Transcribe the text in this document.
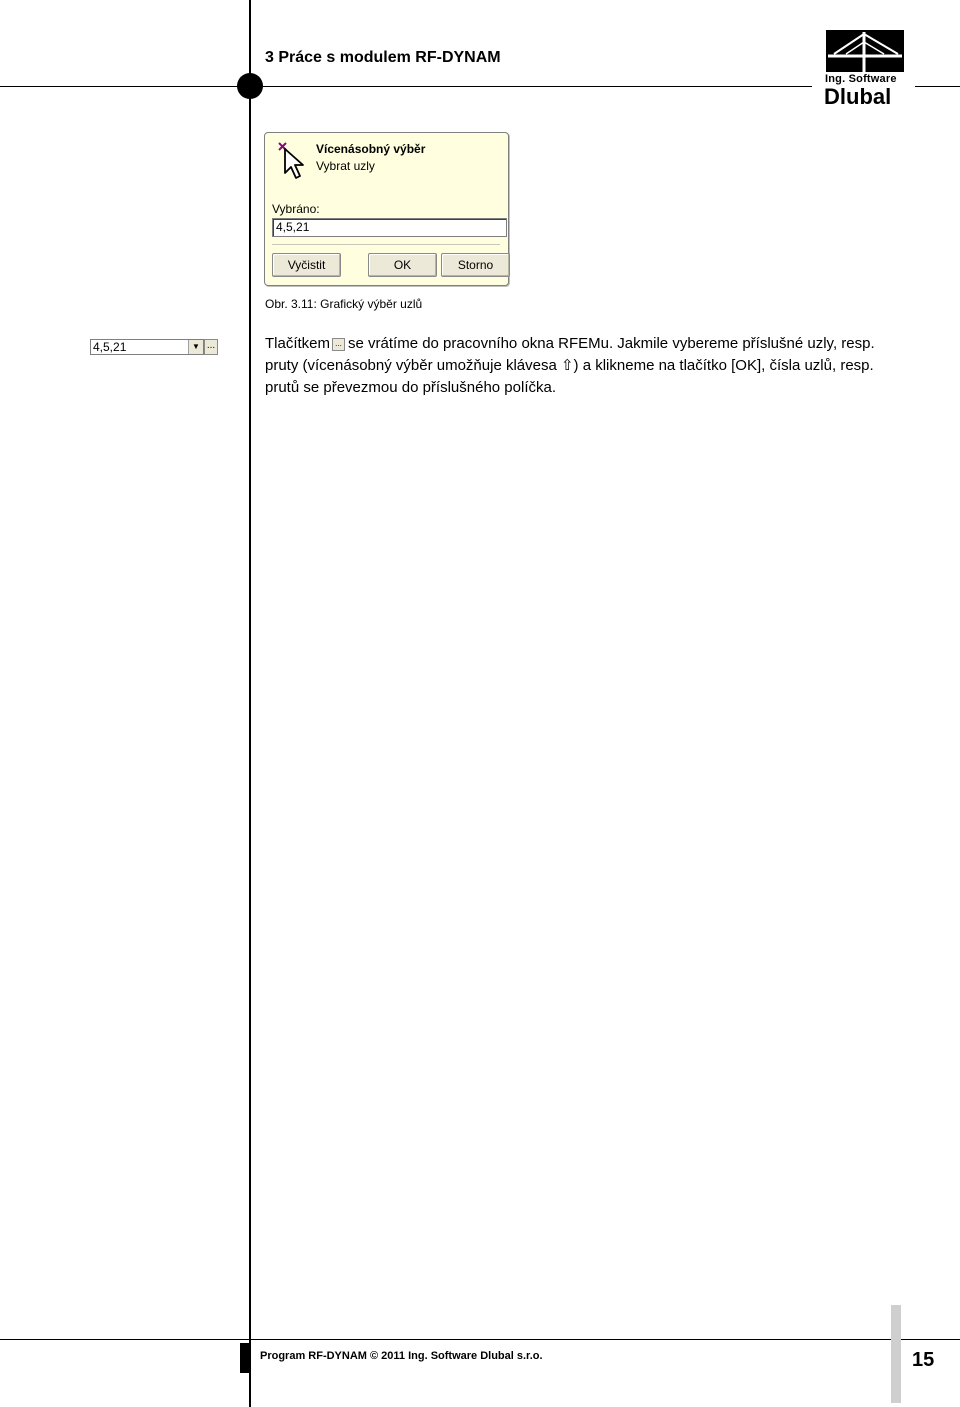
3 Práce s modulem RF-DYNAM
Ing. Software
Dlubal
Vícenásobný výběr
Vybrat uzly
Vybráno:
4,5,21
Vyčistit	OK	Storno
Obr. 3.11: Grafický výběr uzlů
4,5,21	▼ ...	Tlačítkem ... se vrátíme do pracovního okna RFEMu. Jakmile vybereme příslušné uzly, resp.
pruty (vícenásobný výběr umožňuje klávesa ⇧) a klikneme na tlačítko [OK], čísla uzlů, resp.
prutů se převezmou do příslušného políčka.
Program RF-DYNAM © 2011 Ing. Software Dlubal s.r.o.	15
